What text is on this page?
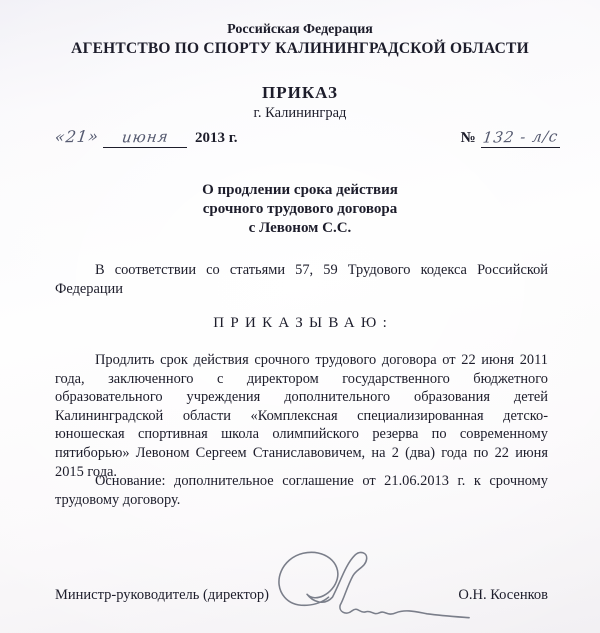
Российская Федерация
АГЕНТСТВО ПО СПОРТУ КАЛИНИНГРАДСКОЙ ОБЛАСТИ
ПРИКАЗ
г. Калининград
«21» июня 2013 г.	№ 132 - л/с
О продлении срока действия
срочного трудового договора
с Левоном С.С.

В соответствии со статьями 57, 59 Трудового кодекса Российской Федерации

ПРИКАЗЫВАЮ:

Продлить срок действия срочного трудового договора от 22 июня 2011 года, заключенного с директором государственного бюджетного образовательного учреждения дополнительного образования детей Калининградской области «Комплексная специализированная детско-юношеская спортивная школа олимпийского резерва по современному пятиборью» Левоном Сергеем Станиславовичем, на 2 (два) года по 22 июня 2015 года.

Основание: дополнительное соглашение от 21.06.2013 г. к срочному трудовому договору.

Министр-руководитель (директор)	О.Н. Косенков
